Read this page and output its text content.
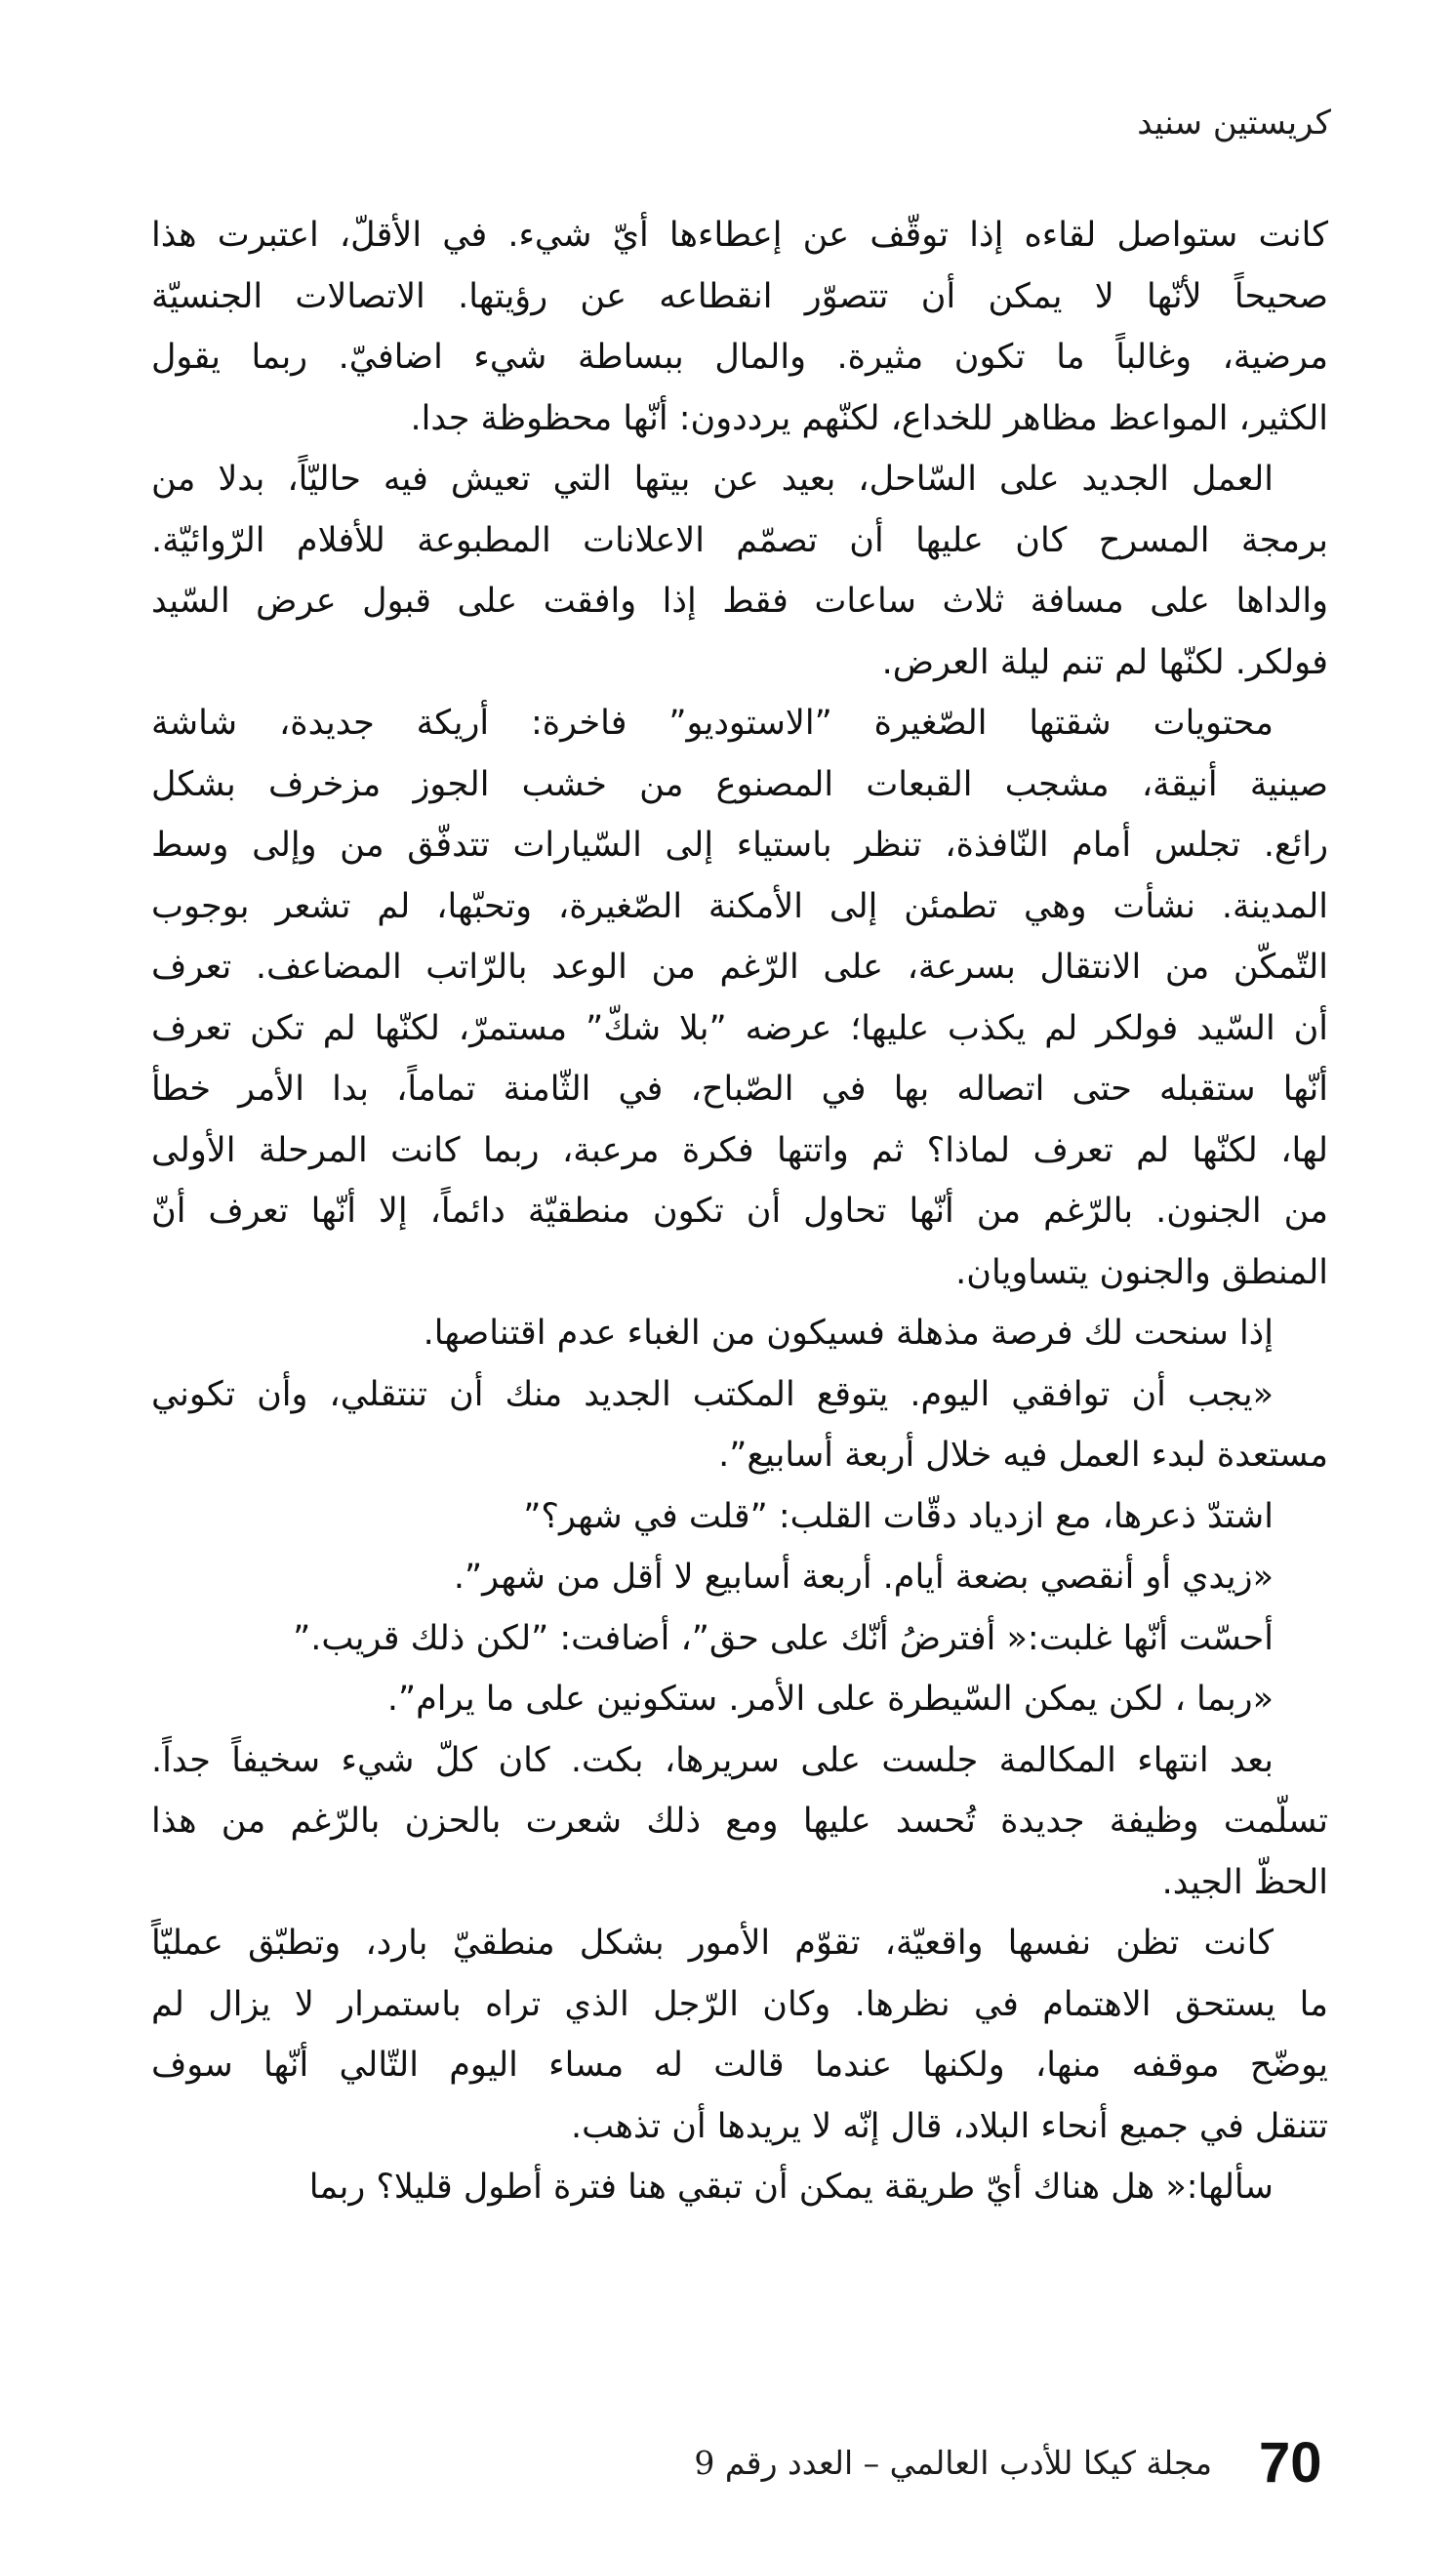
كريستين سنيد

كانت ستواصل لقاءه إذا توقّف عن إعطاءها أيّ شيء. في الأقلّ، اعتبرت هذا
صحيحاً لأنّها لا يمكن أن تتصوّر انقطاعه عن رؤيتها. الاتصالات الجنسيّة
مرضية، وغالباً ما تكون مثيرة. والمال ببساطة شيء اضافيّ. ربما يقول
الكثير، المواعظ مظاهر للخداع، لكنّهم يرددون: أنّها محظوظة جدا.

العمل الجديد على السّاحل، بعيد عن بيتها التي تعيش فيه حاليّاً، بدلا من
برمجة المسرح كان عليها أن تصمّم الاعلانات المطبوعة للأفلام الرّوائيّة.
والداها على مسافة ثلاث ساعات فقط إذا وافقت على قبول عرض السّيد
فولكر. لكنّها لم تنم ليلة العرض.

محتويات شقتها الصّغيرة ”الاستوديو” فاخرة: أريكة جديدة، شاشة
صينية أنيقة، مشجب القبعات المصنوع من خشب الجوز مزخرف بشكل
رائع. تجلس أمام النّافذة، تنظر باستياء إلى السّيارات تتدفّق من وإلى وسط
المدينة. نشأت وهي تطمئن إلى الأمكنة الصّغيرة، وتحبّها، لم تشعر بوجوب
التّمكّن من الانتقال بسرعة، على الرّغم من الوعد بالرّاتب المضاعف. تعرف
أن السّيد فولكر لم يكذب عليها؛ عرضه ”بلا شكّ” مستمرّ، لكنّها لم تكن تعرف
أنّها ستقبله حتى اتصاله بها في الصّباح، في الثّامنة تماماً، بدا الأمر خطأ
لها، لكنّها لم تعرف لماذا؟ ثم واتتها فكرة مرعبة، ربما كانت المرحلة الأولى
من الجنون. بالرّغم من أنّها تحاول أن تكون منطقيّة دائماً، إلا أنّها تعرف أنّ
المنطق والجنون يتساويان.

إذا سنحت لك فرصة مذهلة فسيكون من الغباء عدم اقتناصها.

«يجب أن توافقي اليوم. يتوقع المكتب الجديد منك أن تنتقلي، وأن تكوني
مستعدة لبدء العمل فيه خلال أربعة أسابيع”.

اشتدّ ذعرها، مع ازدياد دقّات القلب: ”قلت في شهر؟”

«زيدي أو أنقصي بضعة أيام. أربعة أسابيع لا أقل من شهر”.

أحسّت أنّها غلبت:« أفترضُ أنّك على حق”، أضافت: ”لكن ذلك قريب.”

«ربما ، لكن يمكن السّيطرة على الأمر. ستكونين على ما يرام”.

بعد انتهاء المكالمة جلست على سريرها، بكت. كان كلّ شيء سخيفاً جداً.
تسلّمت وظيفة جديدة تُحسد عليها ومع ذلك شعرت بالحزن بالرّغم من هذا
الحظّ الجيد.

كانت تظن نفسها واقعيّة، تقوّم الأمور بشكل منطقيّ بارد، وتطبّق عمليّاً
ما يستحق الاهتمام في نظرها. وكان الرّجل الذي تراه باستمرار لا يزال لم
يوضّح موقفه منها، ولكنها عندما قالت له مساء اليوم التّالي أنّها سوف
تتنقل في جميع أنحاء البلاد، قال إنّه لا يريدها أن تذهب.

سألها:« هل هناك أيّ طريقة يمكن أن تبقي هنا فترة أطول قليلا؟ ربما

70
مجلة كيكا للأدب العالمي – العدد رقم 9
